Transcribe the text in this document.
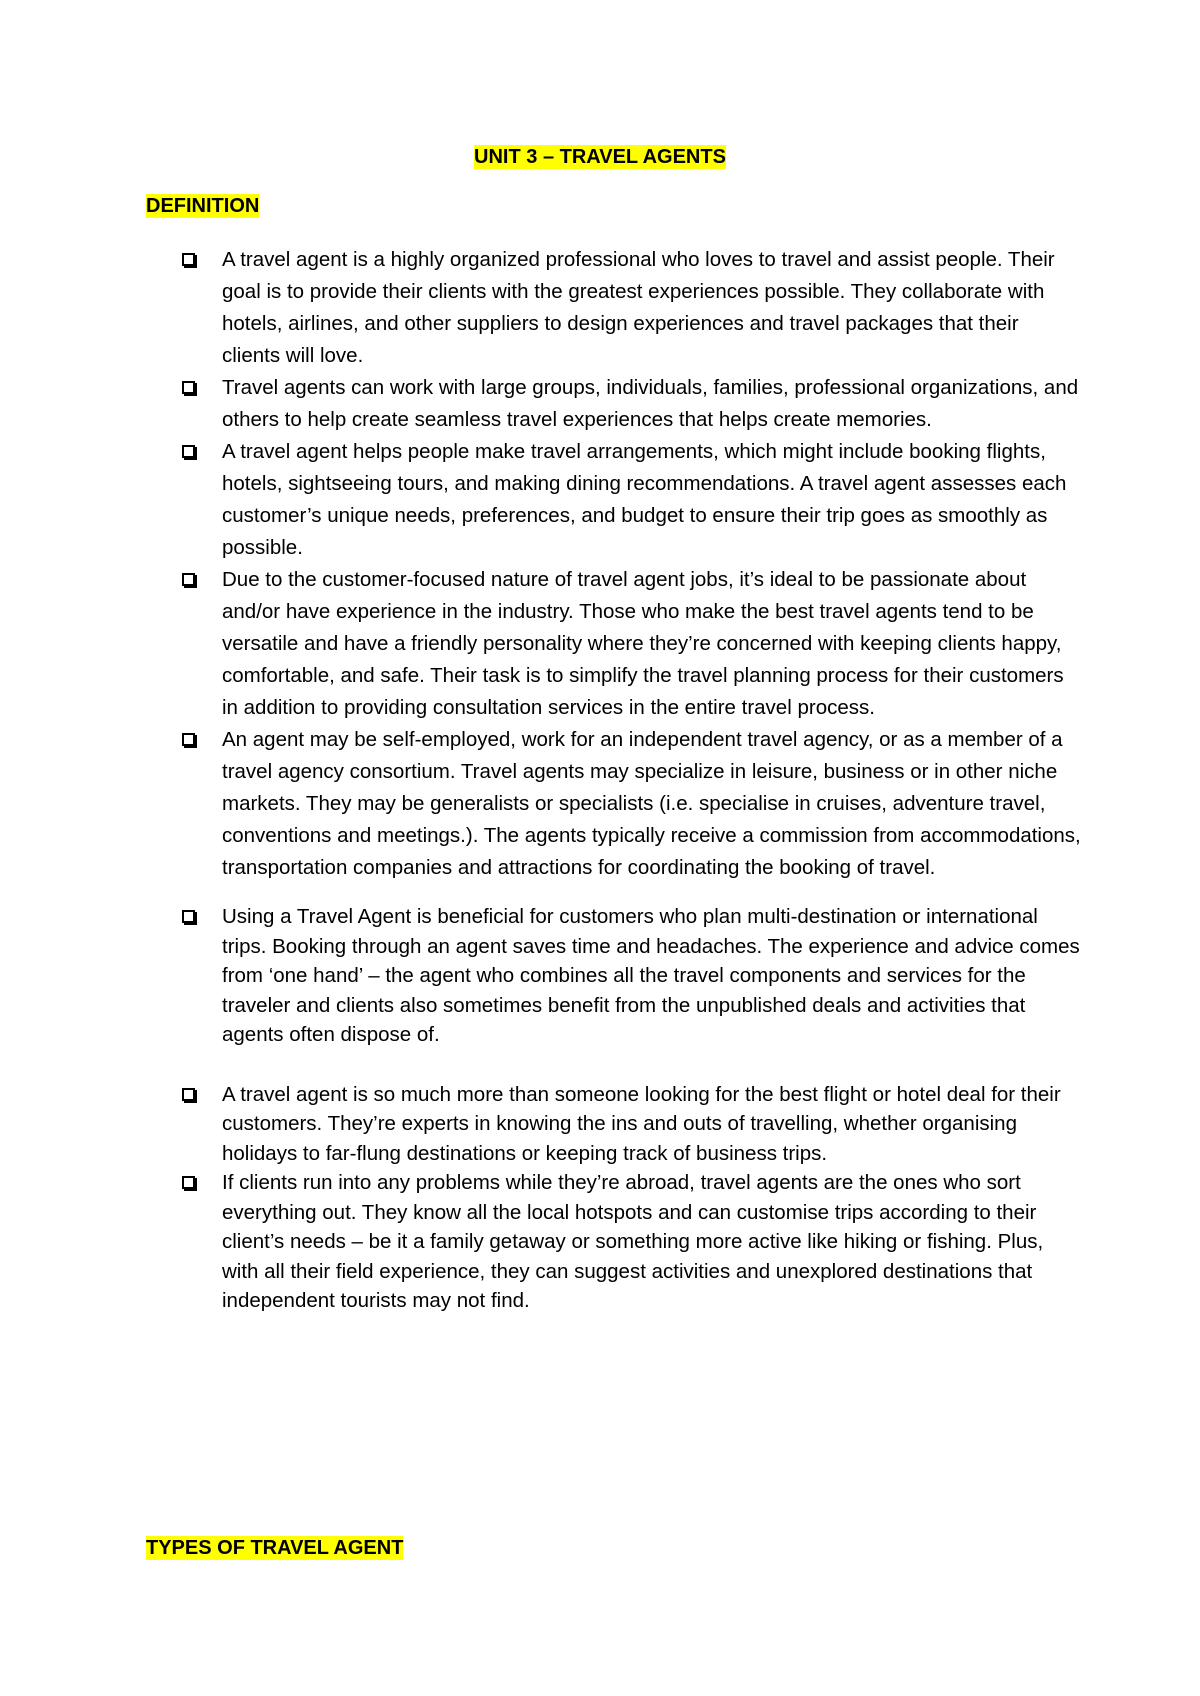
UNIT 3 – TRAVEL AGENTS
DEFINITION
A travel agent is a highly organized professional who loves to travel and assist people. Their goal is to provide their clients with the greatest experiences possible. They collaborate with hotels, airlines, and other suppliers to design experiences and travel packages that their clients will love.
Travel agents can work with large groups, individuals, families, professional organizations, and others to help create seamless travel experiences that helps create memories.
A travel agent helps people make travel arrangements, which might include booking flights, hotels, sightseeing tours, and making dining recommendations. A travel agent assesses each customer’s unique needs, preferences, and budget to ensure their trip goes as smoothly as possible.
Due to the customer-focused nature of travel agent jobs, it’s ideal to be passionate about and/or have experience in the industry. Those who make the best travel agents tend to be versatile and have a friendly personality where they’re concerned with keeping clients happy, comfortable, and safe. Their task is to simplify the travel planning process for their customers in addition to providing consultation services in the entire travel process.
An agent may be self-employed, work for an independent travel agency, or as a member of a travel agency consortium. Travel agents may specialize in leisure, business or in other niche markets. They may be generalists or specialists (i.e. specialise in cruises, adventure travel, conventions and meetings.). The agents typically receive a commission from accommodations, transportation companies and attractions for coordinating the booking of travel.
Using a Travel Agent is beneficial for customers who plan multi-destination or international trips. Booking through an agent saves time and headaches. The experience and advice comes from ‘one hand’ – the agent who combines all the travel components and services for the traveler and clients also sometimes benefit from the unpublished deals and activities that agents often dispose of.
A travel agent is so much more than someone looking for the best flight or hotel deal for their customers. They’re experts in knowing the ins and outs of travelling, whether organising holidays to far-flung destinations or keeping track of business trips.
If clients run into any problems while they’re abroad, travel agents are the ones who sort everything out. They know all the local hotspots and can customise trips according to their client’s needs – be it a family getaway or something more active like hiking or fishing. Plus, with all their field experience, they can suggest activities and unexplored destinations that independent tourists may not find.
TYPES OF TRAVEL AGENT
